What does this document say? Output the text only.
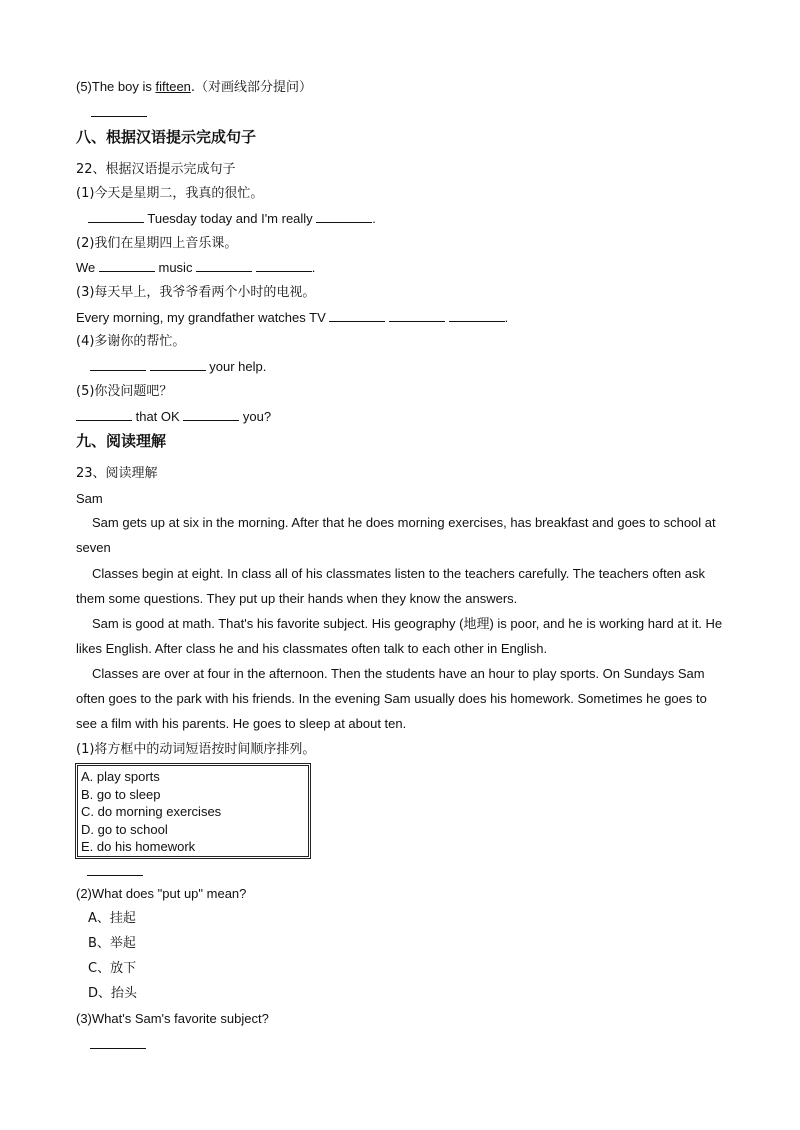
(5)The boy is fifteen.（对画线部分提问）
八、根据汉语提示完成句子
22、根据汉语提示完成句子
(1)今天是星期二，我真的很忙。
Tuesday today and I'm really	.
(2)我们在星期四上音乐课。
We	music	.
(3)每天早上，我爷爷看两个小时的电视。
Every morning, my grandfather watches TV	.
(4)多谢你的帮忙。
your help.
(5)你没问题吧？
that OK	you?
九、阅读理解
23、阅读理解
Sam
Sam gets up at six in the morning. After that he does morning exercises, has breakfast and goes to school at seven
Classes begin at eight. In class all of his classmates listen to the teachers carefully. The teachers often ask them some questions. They put up their hands when they know the answers.
Sam is good at math. That's his favorite subject. His geography (地理) is poor, and he is working hard at it. He likes English. After class he and his classmates often talk to each other in English.
Classes are over at four in the afternoon. Then the students have an hour to play sports. On Sundays Sam often goes to the park with his friends. In the evening Sam usually does his homework. Sometimes he goes to see a film with his parents. He goes to sleep at about ten.
(1)将方框中的动词短语按时间顺序排列。
A. play sports
B. go to sleep
C. do morning exercises
D. go to school
E. do his homework
(2)What does "put up" mean?
A、挂起
B、举起
C、放下
D、抬头
(3)What's Sam's favorite subject?
